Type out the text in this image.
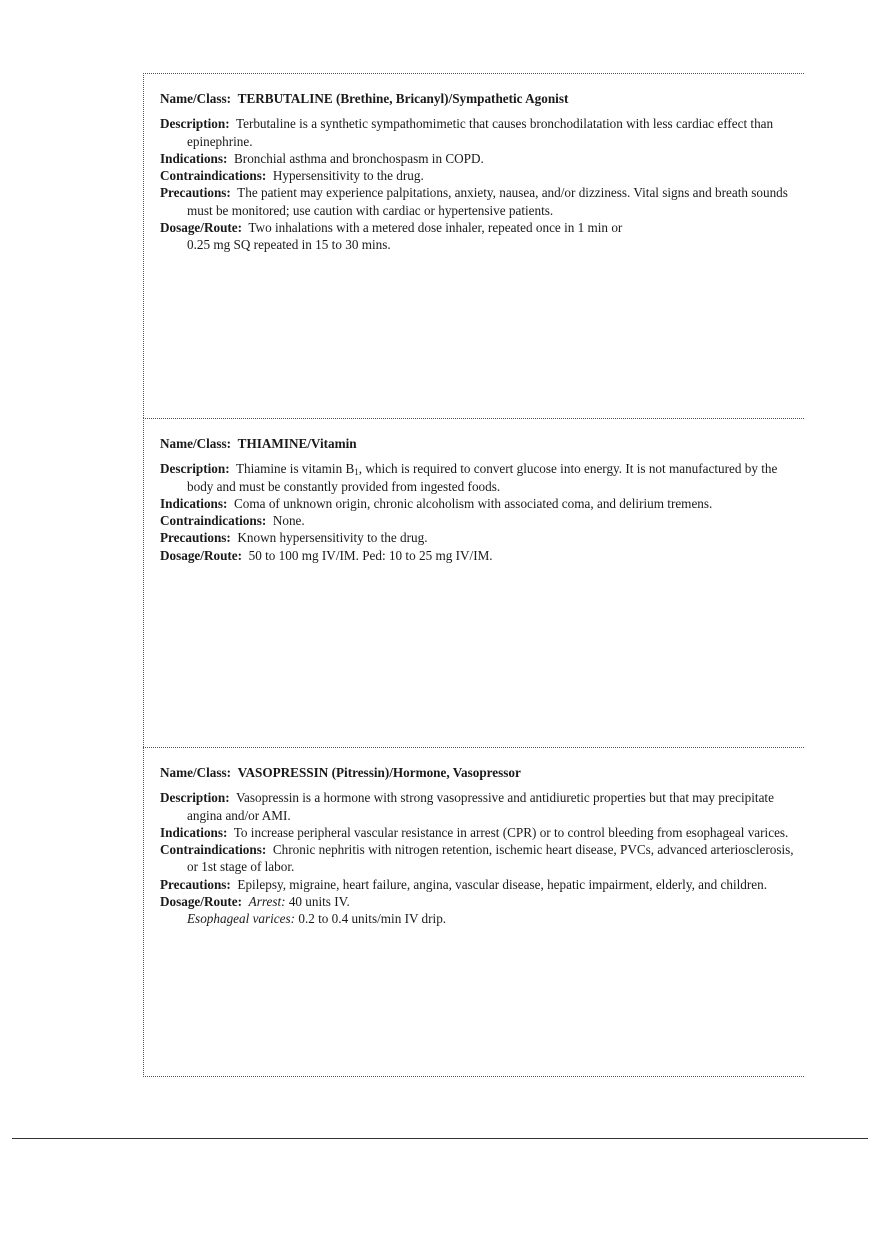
Name/Class: TERBUTALINE (Brethine, Bricanyl)/Sympathetic Agonist

Description: Terbutaline is a synthetic sympathomimetic that causes bronchodilatation with less cardiac effect than epinephrine.

Indications: Bronchial asthma and bronchospasm in COPD.

Contraindications: Hypersensitivity to the drug.

Precautions: The patient may experience palpitations, anxiety, nausea, and/or dizziness. Vital signs and breath sounds must be monitored; use caution with cardiac or hypertensive patients.

Dosage/Route: Two inhalations with a metered dose inhaler, repeated once in 1 min or

0.25 mg SQ repeated in 15 to 30 mins.

Name/Class: THIAMINE/Vitamin

Description: Thiamine is vitamin $B_1$, which is required to convert glucose into energy. It is not manufactured by the body and must be constantly provided from ingested foods.

Indications: Coma of unknown origin, chronic alcoholism with associated coma, and delirium tremens.

Contraindications: None.

Precautions: Known hypersensitivity to the drug.

Dosage/Route: 50 to 100 mg IV/IM. Ped: 10 to 25 mg IV/IM.

Name/Class: VASOPRESSIN (Pitressin)/Hormone, Vasopressor

Description: Vasopressin is a hormone with strong vasopressive and antidiuretic properties but that may precipitate angina and/or AMI.

Indications: To increase peripheral vascular resistance in arrest (CPR) or to control bleeding from esophageal varices.

Contraindications: Chronic nephritis with nitrogen retention, ischemic heart disease, PVCs, advanced arteriosclerosis, or 1st stage of labor.

Precautions: Epilepsy, migraine, heart failure, angina, vascular disease, hepatic impairment, elderly, and children.

Dosage/Route: Arrest: 40 units IV.

Esophageal varices: 0.2 to 0.4 units/min IV drip.
